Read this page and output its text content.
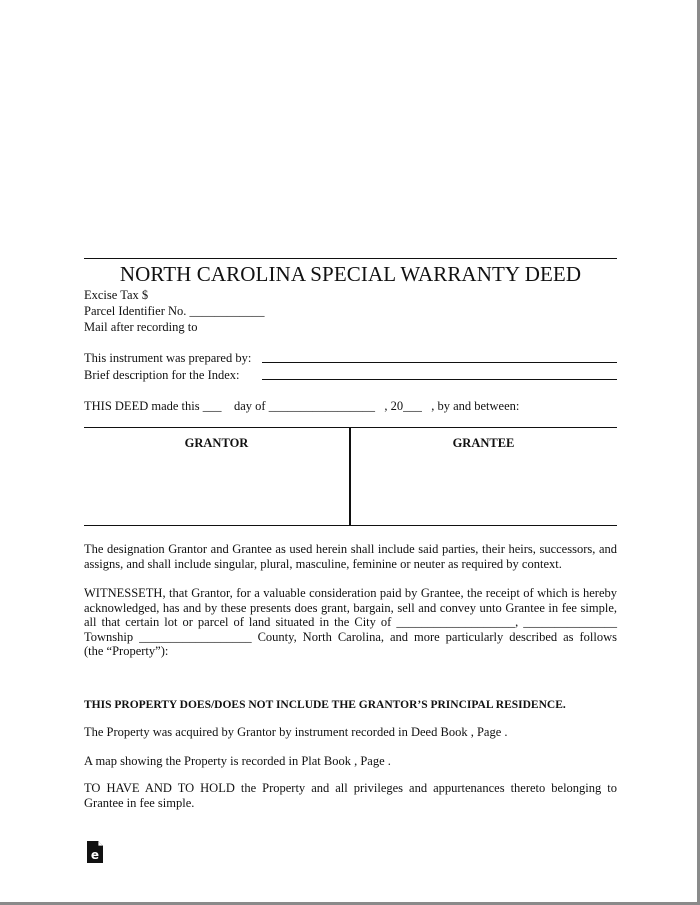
NORTH CAROLINA SPECIAL WARRANTY DEED
Excise Tax $
Parcel Identifier No. ____________
Mail after recording to
This instrument was prepared by:
Brief description for the Index:
THIS DEED made this ___ day of _________________ , 20___ , by and between:
GRANTOR	GRANTEE
The designation Grantor and Grantee as used herein shall include said parties, their heirs, successors, and
assigns, and shall include singular, plural, masculine, feminine or neuter as required by context.
WITNESSETH, that Grantor, for a valuable consideration paid by Grantee, the receipt of which is hereby
acknowledged, has and by these presents does grant, bargain, sell and convey unto Grantee in fee simple,
all that certain lot or parcel of land situated in the City of ___________________, _______________
Township __________________ County, North Carolina, and more particularly described as follows
(the “Property”):
THIS PROPERTY DOES/DOES NOT INCLUDE THE GRANTOR’S PRINCIPAL RESIDENCE.
The Property was acquired by Grantor by instrument recorded in Deed Book , Page .
A map showing the Property is recorded in Plat Book , Page .
TO HAVE AND TO HOLD the Property and all privileges and appurtenances thereto belonging to
Grantee in fee simple.
e
